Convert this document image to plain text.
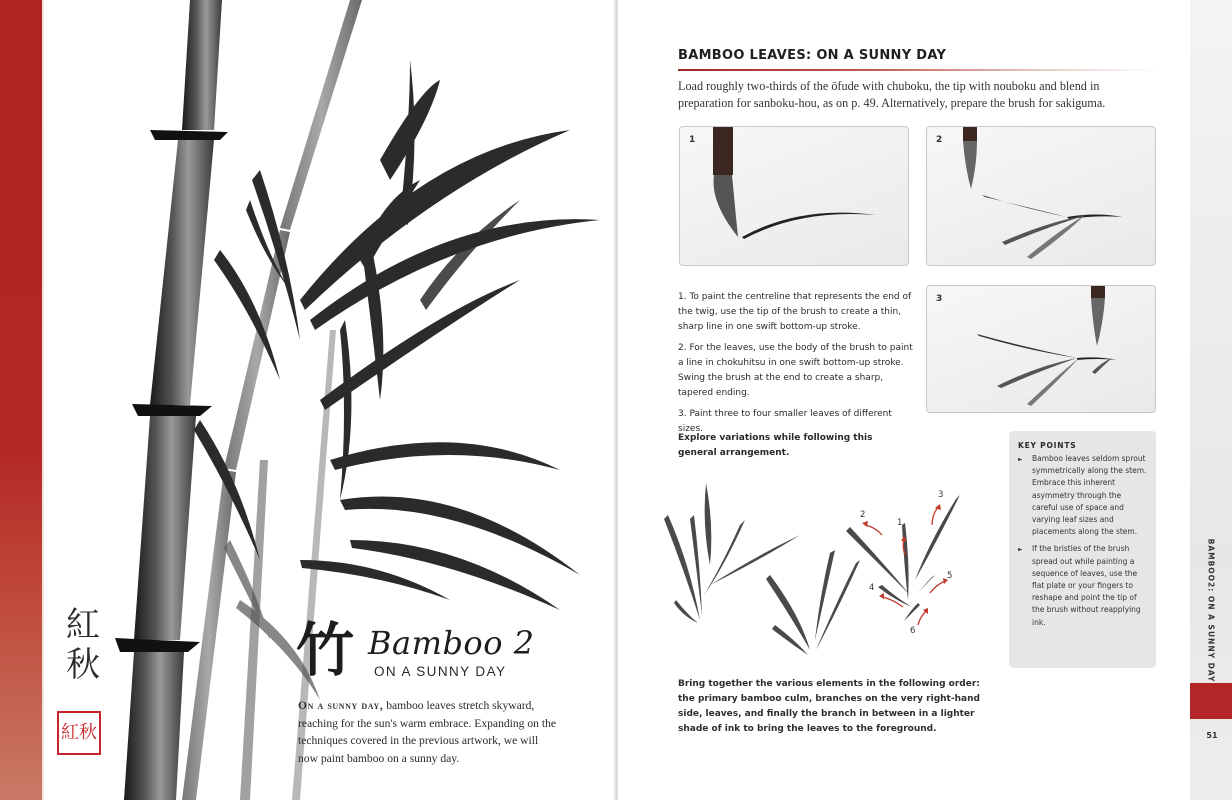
紅秋
紅秋
竹 Bamboo 2
ON A SUNNY DAY

On a sunny day, bamboo leaves stretch skyward, reaching for the sun's warm embrace. Expanding on the techniques covered in the previous artwork, we will now paint bamboo on a sunny day.

BAMBOO LEAVES: ON A SUNNY DAY

Load roughly two-thirds of the ōfude with chuboku, the tip with nouboku and blend in preparation for sanboku-hou, as on p. 49. Alternatively, prepare the brush for sakiguma.

1	2
3

1. To paint the centreline that represents the end of the twig, use the tip of the brush to create a thin, sharp line in one swift bottom-up stroke.

2. For the leaves, use the body of the brush to paint a line in chokuhitsu in one swift bottom-up stroke. Swing the brush at the end to create a sharp, tapered ending.

3. Paint three to four smaller leaves of different sizes.

Explore variations while following this general arrangement.

1
2
3
4
5
6

Bring together the various elements in the following order: the primary bamboo culm, branches on the very right-hand side, leaves, and finally the branch in between in a lighter shade of ink to bring the leaves to the foreground.

KEY POINTS
►	Bamboo leaves seldom sprout symmetrically along the stem. Embrace this inherent asymmetry through the careful use of space and varying leaf sizes and placements along the stem.
►	If the bristles of the brush spread out while painting a sequence of leaves, use the flat plate or your fingers to reshape and point the tip of the brush without reapplying ink.	BAMBOO2: ON A SUNNY DAY
51
